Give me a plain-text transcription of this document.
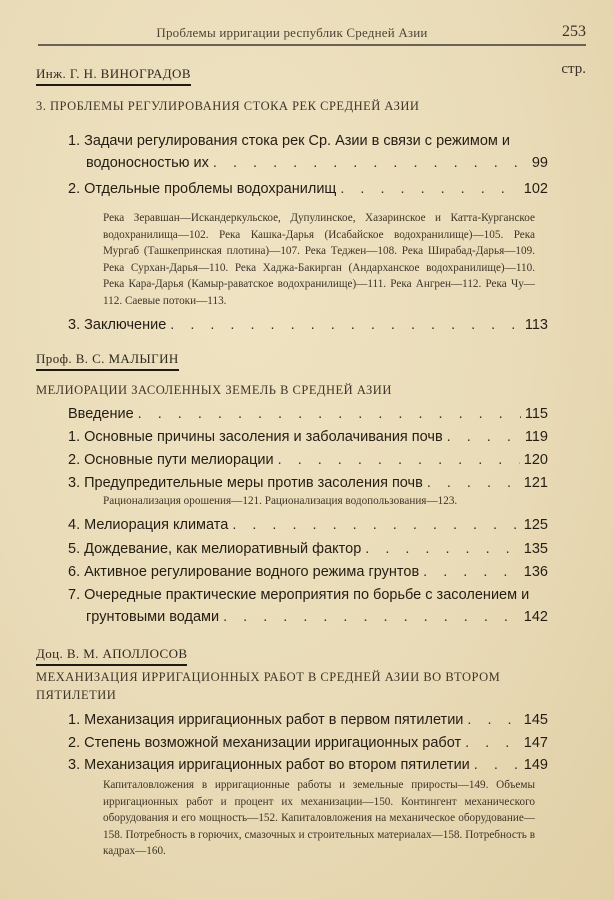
Проблемы ирригации республик Средней Азии	253
стр.
Инж. Г. Н. ВИНОГРАДОВ
3. ПРОБЛЕМЫ РЕГУЛИРОВАНИЯ СТОКА РЕК СРЕДНЕЙ АЗИИ
1. Задачи регулирования стока рек Ср. Азии в связи с режимом и
водоносностью их . . .	99
2. Отдельные проблемы водохранилищ . . .	102
Река Зеравшан—Искандеркульское, Дупулинское, Хазаринское и Катта-Курганское водохранилища—102. Река Кашка-Дарья (Исабайское водохранилище)—105. Река Мургаб (Ташкепринская плотина)—107. Река Теджен—108. Река Ширабад-Дарья—109. Река Сурхан-Дарья—110. Река Хаджа-Бакирган (Андарханское водохранилище)—110. Река Кара-Дарья (Камыр-раватское водохранилище)—111. Река Ангрен—112. Река Чу—112. Саевые потоки—113.
3. Заключение . . .	113
Проф. В. С. МАЛЫГИН
МЕЛИОРАЦИИ ЗАСОЛЕННЫХ ЗЕМЕЛЬ В СРЕДНЕЙ АЗИИ
Введение . . .	115
1. Основные причины засоления и заболачивания почв . . .	119
2. Основные пути мелиорации . . .	120
3. Предупредительные меры против засоления почв . . .	121
Рационализация орошения—121. Рационализация водопользования—123.
4. Мелиорация климата . . .	125
5. Дождевание, как мелиоративный фактор . . .	135
6. Активное регулирование водного режима грунтов . . .	136
7. Очередные практические мероприятия по борьбе с засолением и
грунтовыми водами . . .	142
Доц. В. М. АПОЛЛОСОВ
МЕХАНИЗАЦИЯ ИРРИГАЦИОННЫХ РАБОТ В СРЕДНЕЙ АЗИИ ВО ВТОРОМ ПЯТИЛЕТИИ
1. Механизация ирригационных работ в первом пятилетии . . .	145
2. Степень возможной механизации ирригационных работ . . .	147
3. Механизация ирригационных работ во втором пятилетии . . .	149
Капиталовложения в ирригационные работы и земельные приросты—149. Объемы ирригационных работ и процент их механизации—150. Контингент механического оборудования и его мощность—152. Капиталовложения на механическое оборудование—158. Потребность в горючих, смазочных и строительных материалах—158. Потребность в кадрах—160.
